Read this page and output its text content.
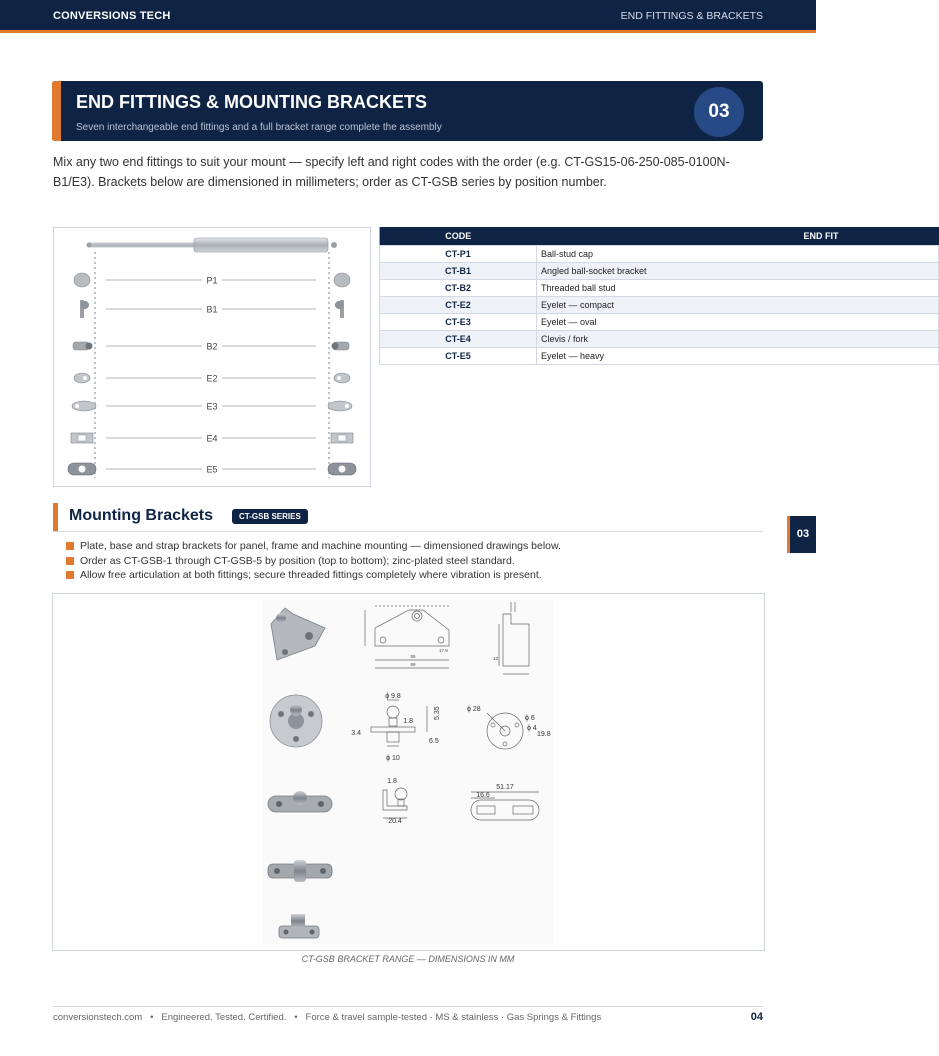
CONVERSIONS TECH	END FITTINGS & BRACKETS
END FITTINGS & MOUNTING BRACKETS
Seven interchangeable end fittings and a full bracket range complete the assembly
03

Mix any two end fittings to suit your mount — specify left and right codes with the order (e.g. CT-GS15-06-250-085-0100N-B1/E3). Brackets below are dimensioned in millimeters; order as CT-GSB series by position number.

P1
B1
B2
E2
E3
E4
E5
CODE	END FIT
CT-P1	Ball-stud cap
CT-B1	Angled ball-socket bracket
CT-B2	Threaded ball stud
CT-E2	Eyelet — compact
CT-E3	Eyelet — oval
CT-E4	Clevis / fork
CT-E5	Eyelet — heavy
03
Mounting Brackets	CT-GSB SERIES
Plate, base and strap brackets for panel, frame and machine mounting — dimensioned drawings below.
Order as CT-GSB-1 through CT-GSB-5 by position (top to bottom); zinc-plated steel standard.
Allow free articulation at both fittings; secure threaded fittings completely where vibration is present.
55
69
17.9
13
ϕ 9.8
1.8
5.35
3.4
6.5
ϕ 10
ϕ 28
ϕ 6
ϕ 4
19.8
1.8
20.4
51.17
16.6
CT-GSB BRACKET RANGE — DIMENSIONS IN MM
conversionstech.com   •   Engineered. Tested. Certified.   •   Force & travel sample-tested · MS & stainless · Gas Springs & Fittings	04
